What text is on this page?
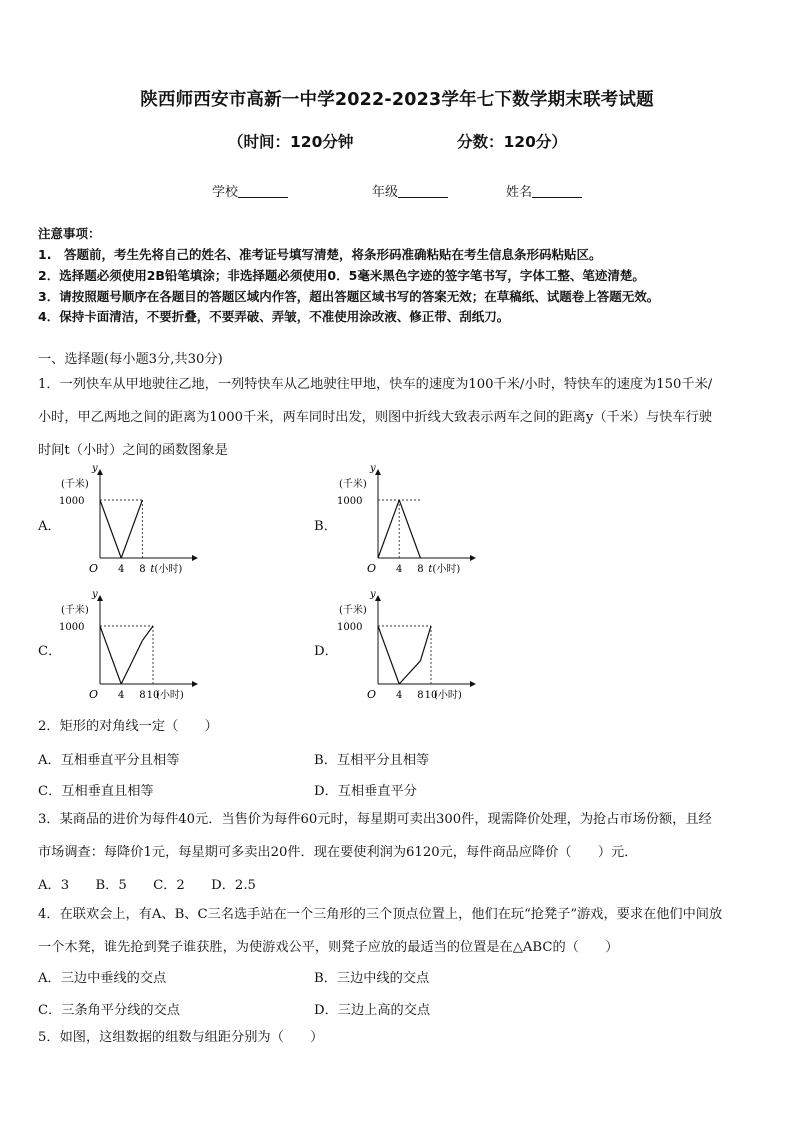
陕西师西安市高新一中学2022-2023学年七下数学期末联考试题
（时间：120分钟	分数：120分）
学校	年级	姓名
注意事项：
1.　答题前，考生先将自己的姓名、准考证号填写清楚，将条形码准确粘贴在考生信息条形码粘贴区。
2．选择题必须使用2B铅笔填涂；非选择题必须使用0．5毫米黑色字迹的签字笔书写，字体工整、笔迹清楚。
3．请按照题号顺序在各题目的答题区域内作答，超出答题区域书写的答案无效；在草稿纸、试题卷上答题无效。
4．保持卡面清洁，不要折叠，不要弄破、弄皱，不准使用涂改液、修正带、刮纸刀。
一、选择题(每小题3分,共30分)
1．一列快车从甲地驶往乙地，一列特快车从乙地驶往甲地，快车的速度为100千米/小时，特快车的速度为150千米/
小时，甲乙两地之间的距离为1000千米，两车同时出发，则图中折线大致表示两车之间的距离y（千米）与快车行驶
时间t（小时）之间的函数图象是
A．	B．
C．	D．
y
(千米)
1000
O 4 8 t(小时)
y
(千米)
1000
O 4 8 t(小时)
y
(千米)
1000
O 4 8 10
(小时)
y
(千米)
1000
O 4 8 10
(小时)
2．矩形的对角线一定（　　）
A．互相垂直平分且相等	B．互相平分且相等
C．互相垂直且相等	D．互相垂直平分
3．某商品的进价为每件40元．当售价为每件60元时，每星期可卖出300件，现需降价处理，为抢占市场份额，且经
市场调查：每降价1元，每星期可多卖出20件．现在要使利润为6120元，每件商品应降价（　　）元．
A．3　　B．5　　C．2　　D．2.5
4．在联欢会上，有A、B、C三名选手站在一个三角形的三个顶点位置上，他们在玩“抢凳子”游戏，要求在他们中间放
一个木凳，谁先抢到凳子谁获胜，为使游戏公平，则凳子应放的最适当的位置是在△ABC的（　　）
A．三边中垂线的交点	B．三边中线的交点
C．三条角平分线的交点	D．三边上高的交点
5．如图，这组数据的组数与组距分别为（　　）
